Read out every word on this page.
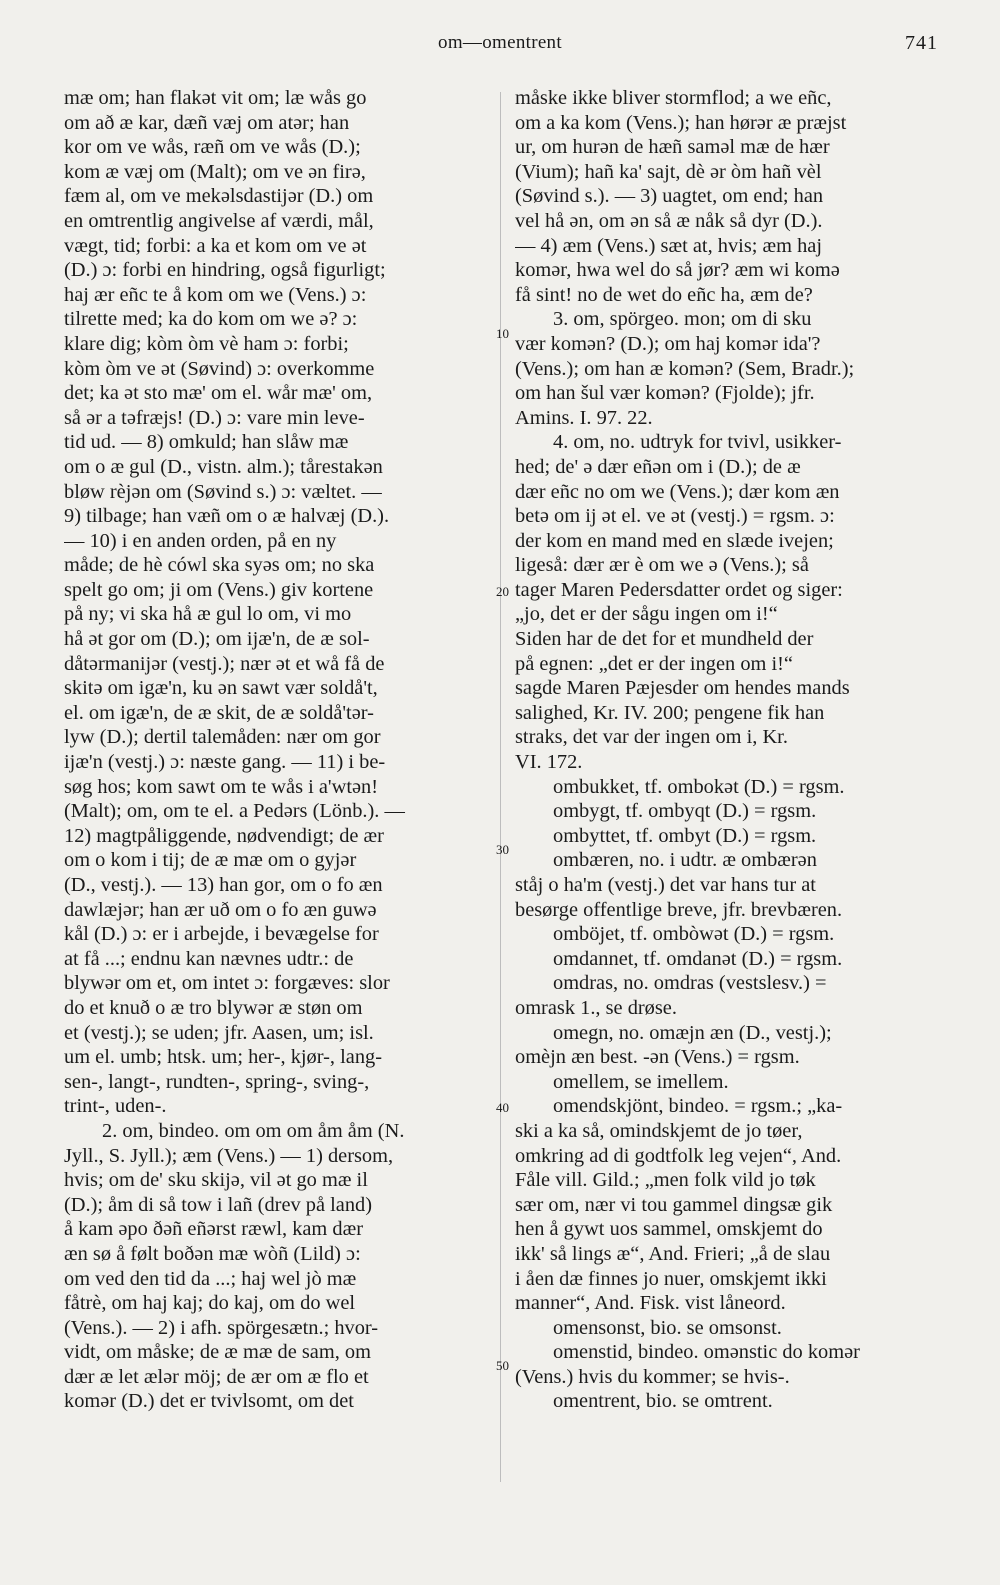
om—omentrent	741
mæ om; han flakət vit om; læ wås go
om að æ kar, dæñ væj om atər; han
kor om ve wås, ræñ om ve wås (D.);
kom æ væj om (Malt); om ve ən firə,
fæm al, om ve mekəlsdastijər (D.) om
en omtrentlig angivelse af værdi, mål,
vægt, tid; forbi: a ka et kom om ve ət
(D.) ɔ: forbi en hindring, også figurligt;
haj ær eñc te å kom om we (Vens.) ɔ:
tilrette med; ka do kom om we ə? ɔ:
klare dig; kòm òm vè ham ɔ: forbi;
kòm òm ve ət (Søvind) ɔ: overkomme
det; ka ət sto mæ' om el. wår mæ' om,
så ər a təfræjs! (D.) ɔ: vare min leve-
tid ud. — 8) omkuld; han slåw mæ
om o æ gul (D., vistn. alm.); tårestakən
bløw rèjən om (Søvind s.) ɔ: væltet. —
9) tilbage; han væñ om o æ halvæj (D.).
— 10) i en anden orden, på en ny
måde; de hè cówl ska syəs om; no ska
spelt go om; ji om (Vens.) giv kortene
på ny; vi ska hå æ gul lo om, vi mo
hå ət gor om (D.); om ijæ'n, de æ sol-
dåtərmanijər (vestj.); nær ət et wå få de
skitə om igæ'n, ku ən sawt vær soldå't,
el. om igæ'n, de æ skit, de æ soldå'tər-
lyw (D.); dertil talemåden: nær om gor
ijæ'n (vestj.) ɔ: næste gang. — 11) i be-
søg hos; kom sawt om te wås i a'wtən!
(Malt); om, om te el. a Pedərs (Lönb.). —
12) magtpåliggende, nødvendigt; de ær
om o kom i tij; de æ mæ om o gyjər
(D., vestj.). — 13) han gor, om o fo æn
dawlæjər; han ær uð om o fo æn guwə
kål (D.) ɔ: er i arbejde, i bevægelse for
at få ...; endnu kan nævnes udtr.: de
blywər om et, om intet ɔ: forgæves: slor
do et knuð o æ tro blywər æ støn om
et (vestj.); se uden; jfr. Aasen, um; isl.
um el. umb; htsk. um; her-, kjør-, lang-
sen-, langt-, rundten-, spring-, sving-,
trint-, uden-.
2. om, bindeo. om om om åm åm (N.
Jyll., S. Jyll.); æm (Vens.) — 1) dersom,
hvis; om de' sku skijə, vil ət go mæ il
(D.); åm di så tow i lañ (drev på land)
å kam əpo ðəñ eñərst ræwl, kam dær
æn sø å følt boðən mæ wòñ (Lild) ɔ:
om ved den tid da ...; haj wel jò mæ
fåtrè, om haj kaj; do kaj, om do wel
(Vens.). — 2) i afh. spörgesætn.; hvor-
vidt, om måske; de æ mæ de sam, om
dær æ let ælər möj; de ær om æ flo et
komər (D.) det er tvivlsomt, om det
måske ikke bliver stormflod; a we eñc,
om a ka kom (Vens.); han hørər æ præjst
ur, om hurən de hæñ saməl mæ de hær
(Vium); hañ ka' sajt, dè ər òm hañ vèl
(Søvind s.). — 3) uagtet, om end; han
vel hå ən, om ən så æ nåk så dyr (D.).
— 4) æm (Vens.) sæt at, hvis; æm haj
komər, hwa wel do så jør? æm wi komə
få sint! no de wet do eñc ha, æm de?
3. om, spörgeo. mon; om di sku
vær komən? (D.); om haj komər ida'?
(Vens.); om han æ komən? (Sem, Bradr.);
om han šul vær komən? (Fjolde); jfr.
Amins. I. 97. 22.
4. om, no. udtryk for tvivl, usikker-
hed; de' ə dær eñən om i (D.); de æ
dær eñc no om we (Vens.); dær kom æn
betə om ij ət el. ve ət (vestj.) = rgsm. ɔ:
der kom en mand med en slæde ivejen;
ligeså: dær ær è om we ə (Vens.); så
tager Maren Pedersdatter ordet og siger:
„jo, det er der sågu ingen om i!“
Siden har de det for et mundheld der
på egnen: „det er der ingen om i!“
sagde Maren Pæjesder om hendes mands
salighed, Kr. IV. 200; pengene fik han
straks, det var der ingen om i, Kr.
VI. 172.
ombukket, tf. ombokət (D.) = rgsm.
ombygt, tf. ombyqt (D.) = rgsm.
ombyttet, tf. ombyt (D.) = rgsm.
ombæren, no. i udtr. æ ombærən
ståj o ha'm (vestj.) det var hans tur at
besørge offentlige breve, jfr. brevbæren.
omböjet, tf. ombòwət (D.) = rgsm.
omdannet, tf. omdanət (D.) = rgsm.
omdras, no. omdras (vestslesv.) =
omrask 1., se drøse.
omegn, no. omæjn æn (D., vestj.);
omèjn æn best. -ən (Vens.) = rgsm.
omellem, se imellem.
omendskjönt, bindeo. = rgsm.; „ka-
ski a ka så, omindskjemt de jo tøer,
omkring ad di godtfolk leg vejen“, And.
Fåle vill. Gild.; „men folk vild jo tøk
sær om, nær vi tou gammel dingsæ gik
hen å gywt uos sammel, omskjemt do
ikk' så lings æ“, And. Frieri; „å de slau
i åen dæ finnes jo nuer, omskjemt ikki
manner“, And. Fisk. vist låneord.
omensonst, bio. se omsonst.
omenstid, bindeo. omənstic do komər
(Vens.) hvis du kommer; se hvis-.
omentrent, bio. se omtrent.
10
20
30
40
50
